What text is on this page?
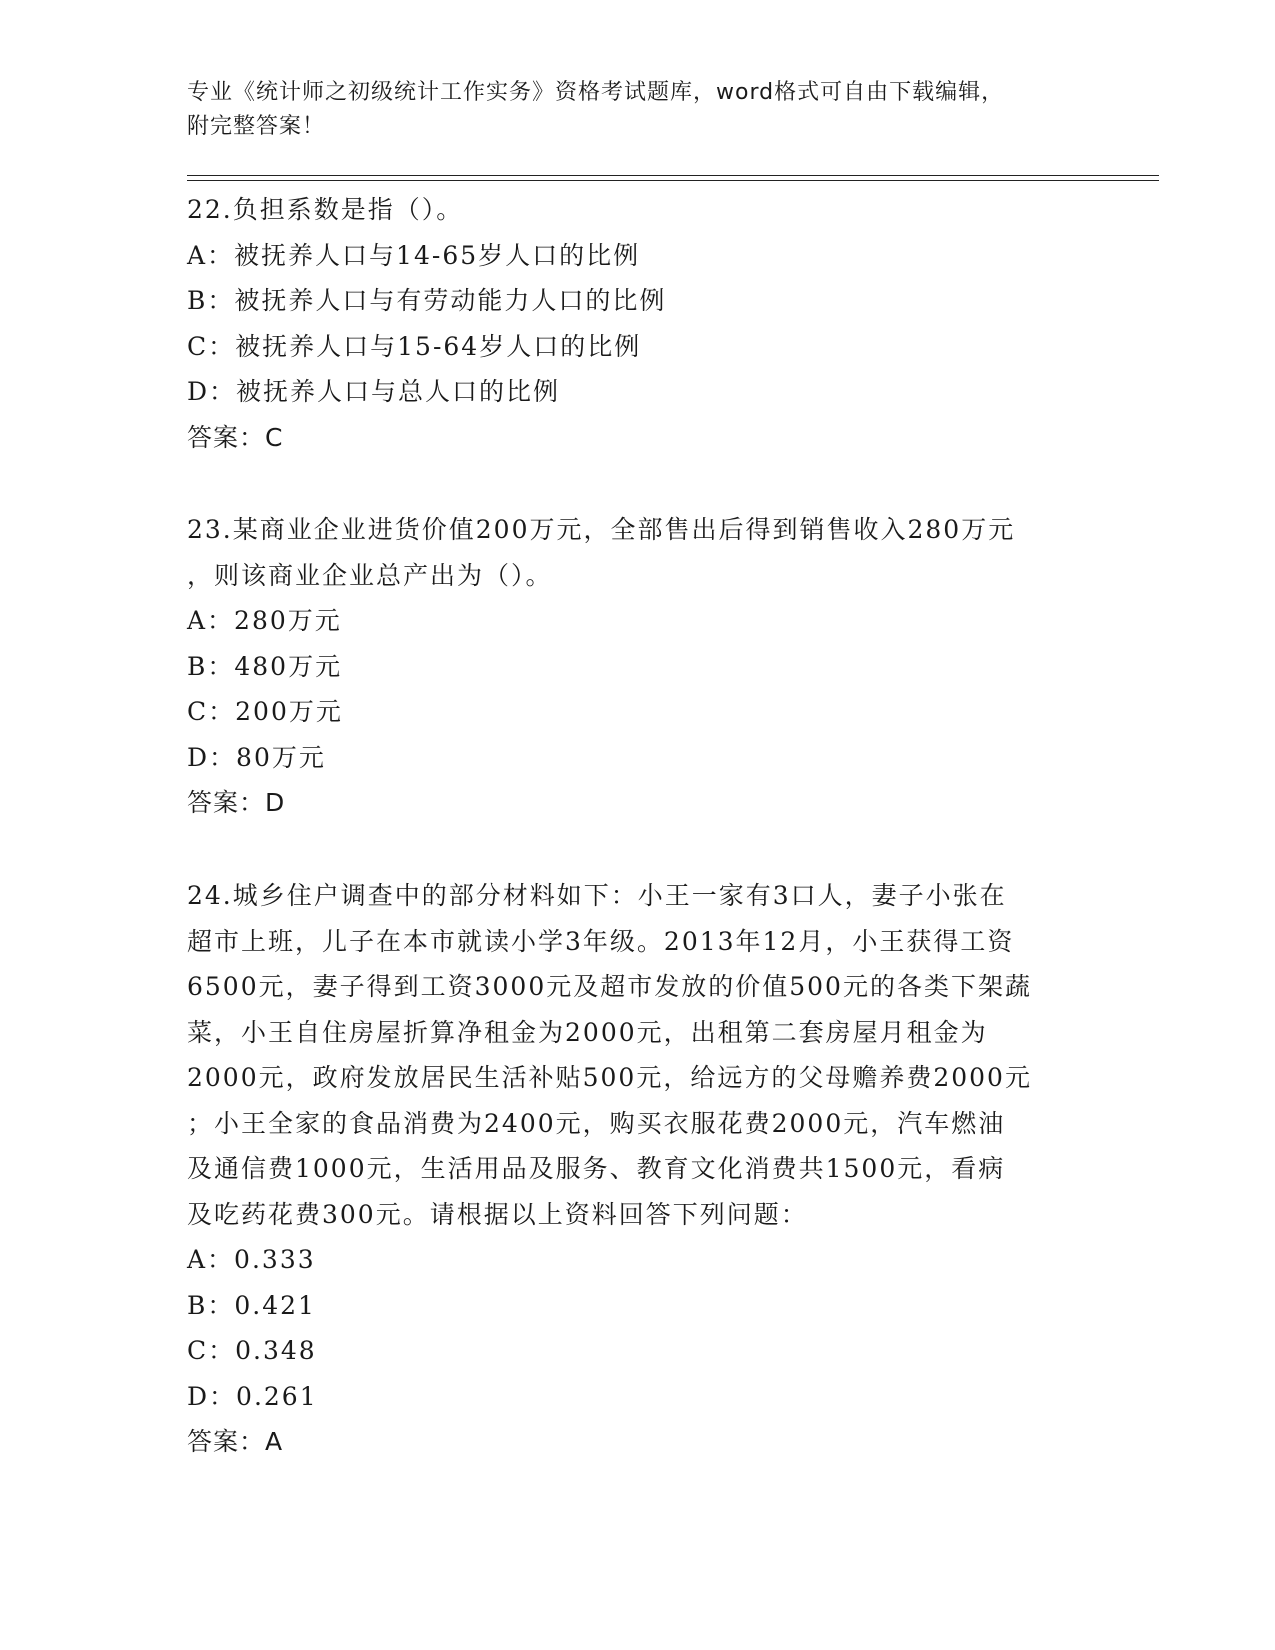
专业《统计师之初级统计工作实务》资格考试题库，word格式可自由下载编辑，
附完整答案！
22.负担系数是指（）。
A：被抚养人口与14-65岁人口的比例
B：被抚养人口与有劳动能力人口的比例
C：被抚养人口与15-64岁人口的比例
D：被抚养人口与总人口的比例
答案：C
23.某商业企业进货价值200万元，全部售出后得到销售收入280万元
，则该商业企业总产出为（）。
A：280万元
B：480万元
C：200万元
D：80万元
答案：D
24.城乡住户调查中的部分材料如下：小王一家有3口人，妻子小张在
超市上班，儿子在本市就读小学3年级。2013年12月，小王获得工资
6500元，妻子得到工资3000元及超市发放的价值500元的各类下架蔬
菜，小王自住房屋折算净租金为2000元，出租第二套房屋月租金为
2000元，政府发放居民生活补贴500元，给远方的父母赡养费2000元
；小王全家的食品消费为2400元，购买衣服花费2000元，汽车燃油
及通信费1000元，生活用品及服务、教育文化消费共1500元，看病
及吃药花费300元。请根据以上资料回答下列问题：
A：0.333
B：0.421
C：0.348
D：0.261
答案：A
